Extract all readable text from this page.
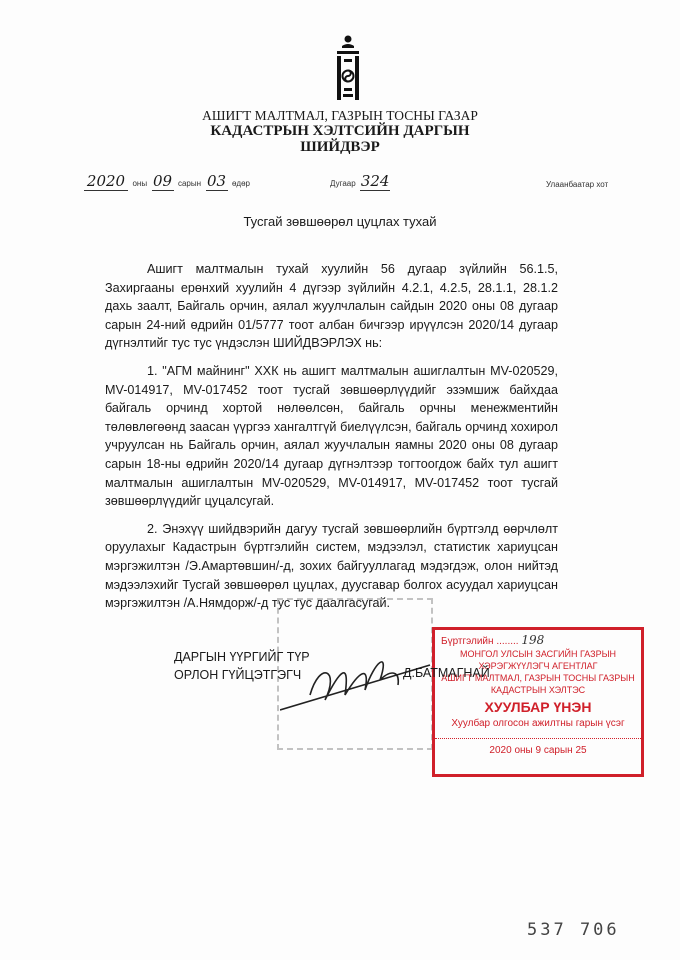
АШИГТ МАЛТМАЛ, ГАЗРЫН ТОСНЫ ГАЗАР
КАДАСТРЫН ХЭЛТСИЙН ДАРГЫН
ШИЙДВЭР
2020 оны 09 сарын 03 өдөр	Дугаар 324	Улаанбаатар хот
Тусгай зөвшөөрөл цуцлах тухай

Ашигт малтмалын тухай хуулийн 56 дугаар зүйлийн 56.1.5, Захиргааны ерөнхий хуулийн 4 дүгээр зүйлийн 4.2.1, 4.2.5, 28.1.1, 28.1.2 дахь заалт, Байгаль орчин, аялал жуулчлалын сайдын 2020 оны 08 дугаар сарын 24-ний өдрийн 01/5777 тоот албан бичгээр ирүүлсэн 2020/14 дугаар дүгнэлтийг тус тус үндэслэн ШИЙДВЭРЛЭХ нь:

1. "АГМ майнинг" ХХК нь ашигт малтмалын ашиглалтын MV-020529, MV-014917, MV-017452 тоот тусгай зөвшөөрлүүдийг эзэмшиж байхдаа байгаль орчинд хортой нөлөөлсөн, байгаль орчны менежментийн төлөвлөгөөнд заасан үүргээ хангалтгүй биелүүлсэн, байгаль орчинд хохирол учруулсан нь Байгаль орчин, аялал жуучлалын яамны 2020 оны 08 дугаар сарын 18-ны өдрийн 2020/14 дугаар дүгнэлтээр тогтоогдож байх тул ашигт малтмалын ашиглалтын MV-020529, MV-014917, MV-017452 тоот тусгай зөвшөөрлүүдийг цуцалсугай.

2. Энэхүү шийдвэрийн дагуу тусгай зөвшөөрлийн бүртгэлд өөрчлөлт оруулахыг Кадастрын бүртгэлийн систем, мэдээлэл, статистик хариуцсан мэргэжилтэн /Э.Амартөвшин/-д, зохих байгууллагад мэдэгдэж, олон нийтэд мэдээлэхийг Тусгай зөвшөөрөл цуцлах, дуусгавар болгох асуудал хариуцсан мэргэжилтэн /А.Нямдорж/-д тус тус даалгасугай.

Бүртгэлийн ........ 198
МОНГОЛ УЛСЫН ЗАСГИЙН ГАЗРЫН
ХЭРЭГЖҮҮЛЭГЧ АГЕНТЛАГ
АШИГТ МАЛТМАЛ, ГАЗРЫН ТОСНЫ ГАЗРЫН
КАДАСТРЫН ХЭЛТЭС
ХУУЛБАР ҮНЭН
Хуулбар олгосон ажилтны гарын үсэг
2020 оны 9 сарын 25
ДАРГЫН ҮҮРГИЙГ ТҮР
ОРЛОН ГҮЙЦЭТГЭГЧ	Д.БАТМАГНАЙ
537 706
